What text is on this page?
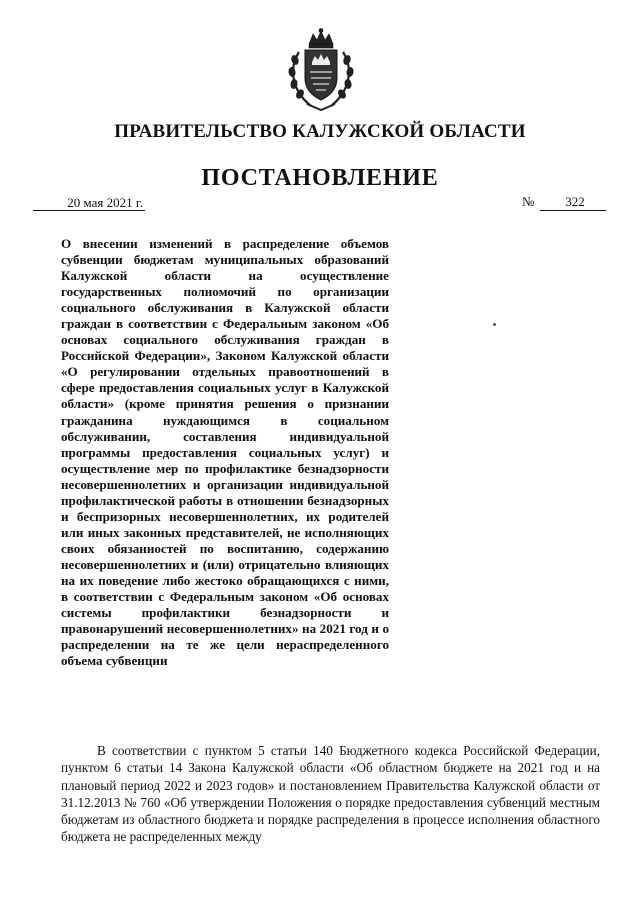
ПРАВИТЕЛЬСТВО КАЛУЖСКОЙ ОБЛАСТИ
ПОСТАНОВЛЕНИЕ
20 мая 2021 г.	№	322

О внесении изменений в распределение объемов субвенции бюджетам муниципальных образований Калужской области на осуществление государственных полномочий по организации социального обслуживания в Калужской области граждан в соответствии с Федеральным законом «Об основах социального обслуживания граждан в Российской Федерации», Законом Калужской области «О регулировании отдельных правоотношений в сфере предоставления социальных услуг в Калужской области» (кроме принятия решения о признании гражданина нуждающимся в социальном обслуживании, составления индивидуальной программы предоставления социальных услуг) и осуществление мер по профилактике безнадзорности несовершеннолетних и организации индивидуальной профилактической работы в отношении безнадзорных и беспризорных несовершеннолетних, их родителей или иных законных представителей, не исполняющих своих обязанностей по воспитанию, содержанию несовершеннолетних и (или) отрицательно влияющих на их поведение либо жестоко обращающихся с ними, в соответствии с Федеральным законом «Об основах системы профилактики безнадзорности и правонарушений несовершеннолетних» на 2021 год и о распределении на те же цели нераспределенного объема субвенции

В соответствии с пунктом 5 статьи 140 Бюджетного кодекса Российской Федерации, пунктом 6 статьи 14 Закона Калужской области «Об областном бюджете на 2021 год и на плановый период 2022 и 2023 годов» и постановлением Правительства Калужской области от 31.12.2013 № 760 «Об утверждении Положения о порядке предоставления субвенций местным бюджетам из областного бюджета и порядке распределения в процессе исполнения областного бюджета не распределенных между
